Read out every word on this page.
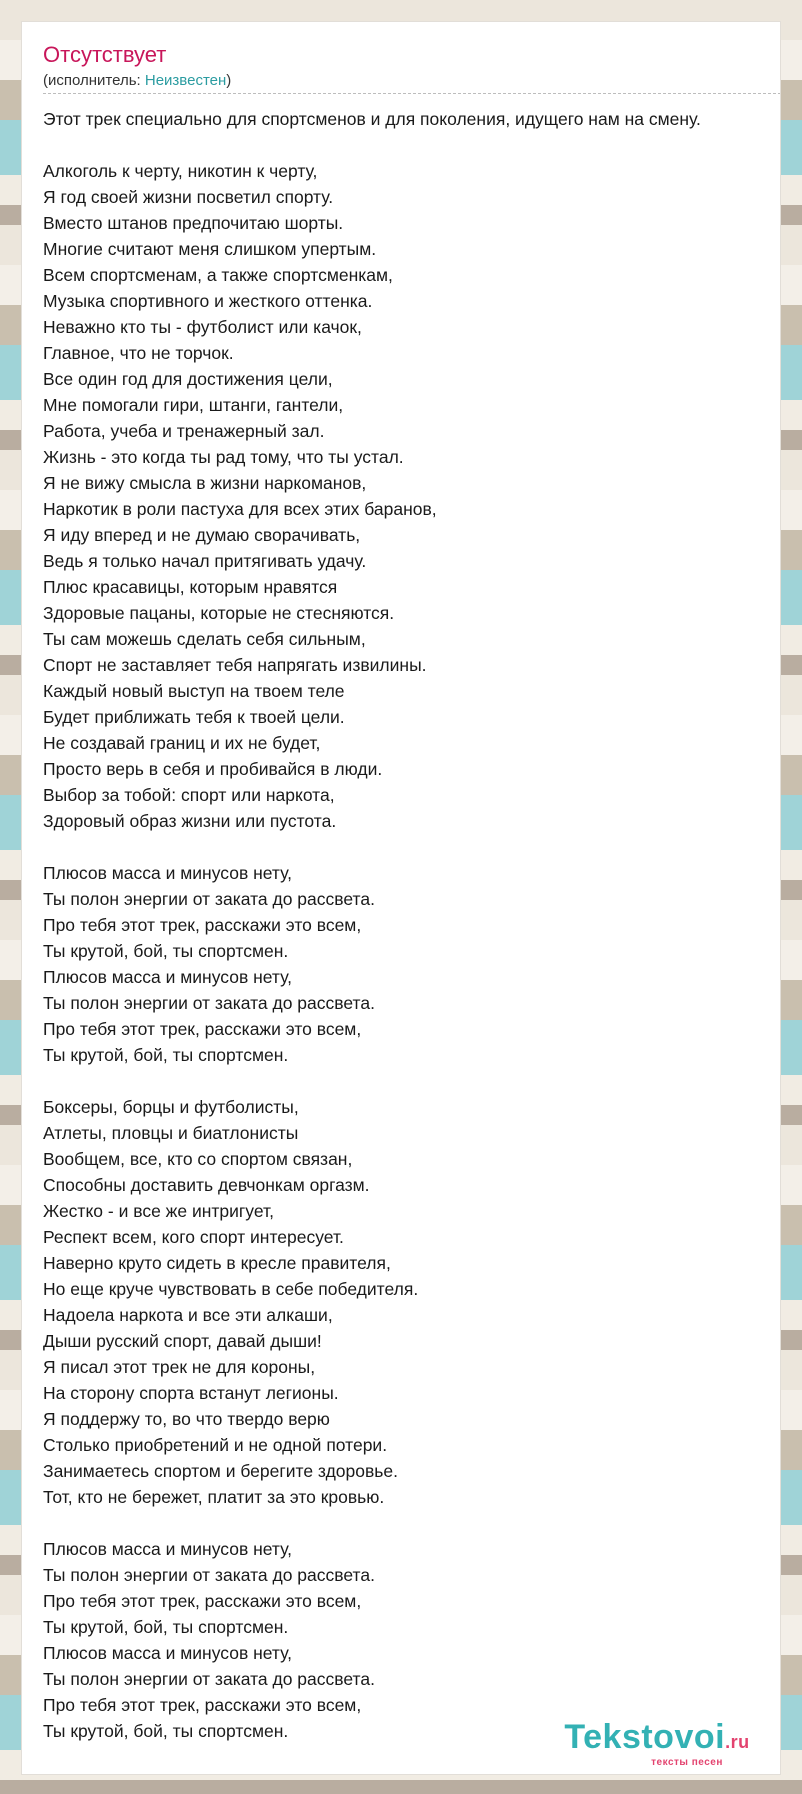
Отсутствует
(исполнитель: Неизвестен)
Этот трек специально для спортсменов и для поколения, идущего нам на смену.

Алкоголь к черту, никотин к черту,
Я год своей жизни посветил спорту.
Вместо штанов предпочитаю шорты.
Многие считают меня слишком упертым.
Всем спортсменам, а также спортсменкам,
Музыка спортивного и жесткого оттенка.
Неважно кто ты - футболист или качок,
Главное, что не торчок.
Все один год для достижения цели,
Мне помогали гири, штанги, гантели,
Работа, учеба и тренажерный зал.
Жизнь - это когда ты рад тому, что ты устал.
Я не вижу смысла в жизни наркоманов,
Наркотик в роли пастуха для всех этих баранов,
Я иду вперед и не думаю сворачивать,
Ведь я только начал притягивать удачу.
Плюс красавицы, которым нравятся
Здоровые пацаны, которые не стесняются.
Ты сам можешь сделать себя сильным,
Спорт не заставляет тебя напрягать извилины.
Каждый новый выступ на твоем теле
Будет приближать тебя к твоей цели.
Не создавай границ и их не будет,
Просто верь в себя и пробивайся в люди.
Выбор за тобой: спорт или наркота,
Здоровый образ жизни или пустота.

Плюсов масса и минусов нету,
Ты полон энергии от заката до рассвета.
Про тебя этот трек, расскажи это всем,
Ты крутой, бой, ты спортсмен.
Плюсов масса и минусов нету,
Ты полон энергии от заката до рассвета.
Про тебя этот трек, расскажи это всем,
Ты крутой, бой, ты спортсмен.

Боксеры, борцы и футболисты,
Атлеты, пловцы и биатлонисты
Вообщем, все, кто со спортом связан,
Способны доставить девчонкам оргазм.
Жестко - и все же интригует,
Респект всем, кого спорт интересует.
Наверно круто сидеть в кресле правителя,
Но еще круче чувствовать в себе победителя.
Надоела наркота и все эти алкаши,
Дыши русский спорт, давай дыши!
Я писал этот трек не для короны,
На сторону спорта встанут легионы.
Я поддержу то, во что твердо верю
Столько приобретений и не одной потери.
Занимаетесь спортом и берегите здоровье.
Тот, кто не бережет, платит за это кровью.

Плюсов масса и минусов нету,
Ты полон энергии от заката до рассвета.
Про тебя этот трек, расскажи это всем,
Ты крутой, бой, ты спортсмен.
Плюсов масса и минусов нету,
Ты полон энергии от заката до рассвета.
Про тебя этот трек, расскажи это всем,
Ты крутой, бой, ты спортсмен.	Tekstovoi.ru
тексты песен
